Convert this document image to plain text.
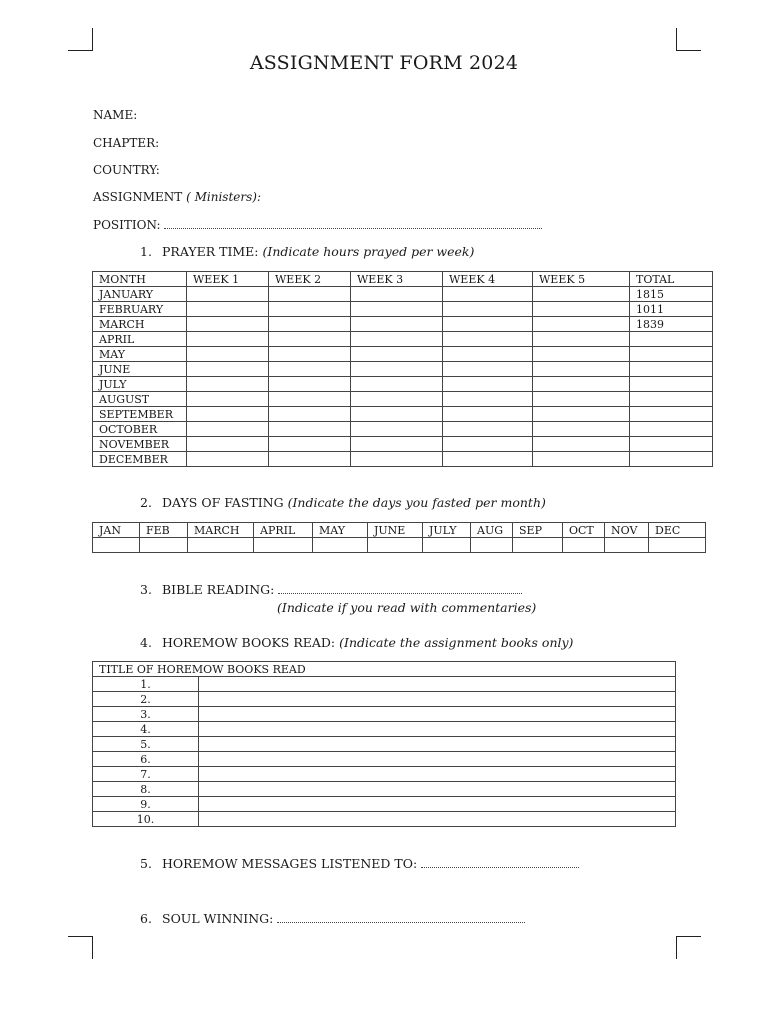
ASSIGNMENT FORM 2024
NAME:
CHAPTER:
COUNTRY:
ASSIGNMENT ( Ministers):
POSITION:
1. PRAYER TIME: (Indicate hours prayed per week)
MONTH	WEEK 1	WEEK 2	WEEK 3	WEEK 4	WEEK 5	TOTAL
JANUARY						1815
FEBRUARY						1011
MARCH						1839
APRIL						
MAY						
JUNE						
JULY						
AUGUST						
SEPTEMBER						
OCTOBER						
NOVEMBER						
DECEMBER						
2. DAYS OF FASTING (Indicate the days you fasted per month)
JAN	FEB	MARCH	APRIL	MAY	JUNE	JULY	AUG	SEP	OCT	NOV	DEC

3. BIBLE READING:
(Indicate if you read with commentaries)
4. HOREMOW BOOKS READ: (Indicate the assignment books only)
TITLE OF HOREMOW BOOKS READ	
1.	
2.	
3.	
4.	
5.	
6.	
7.	
8.	
9.	
10.	
5. HOREMOW MESSAGES LISTENED TO:
6. SOUL WINNING:
